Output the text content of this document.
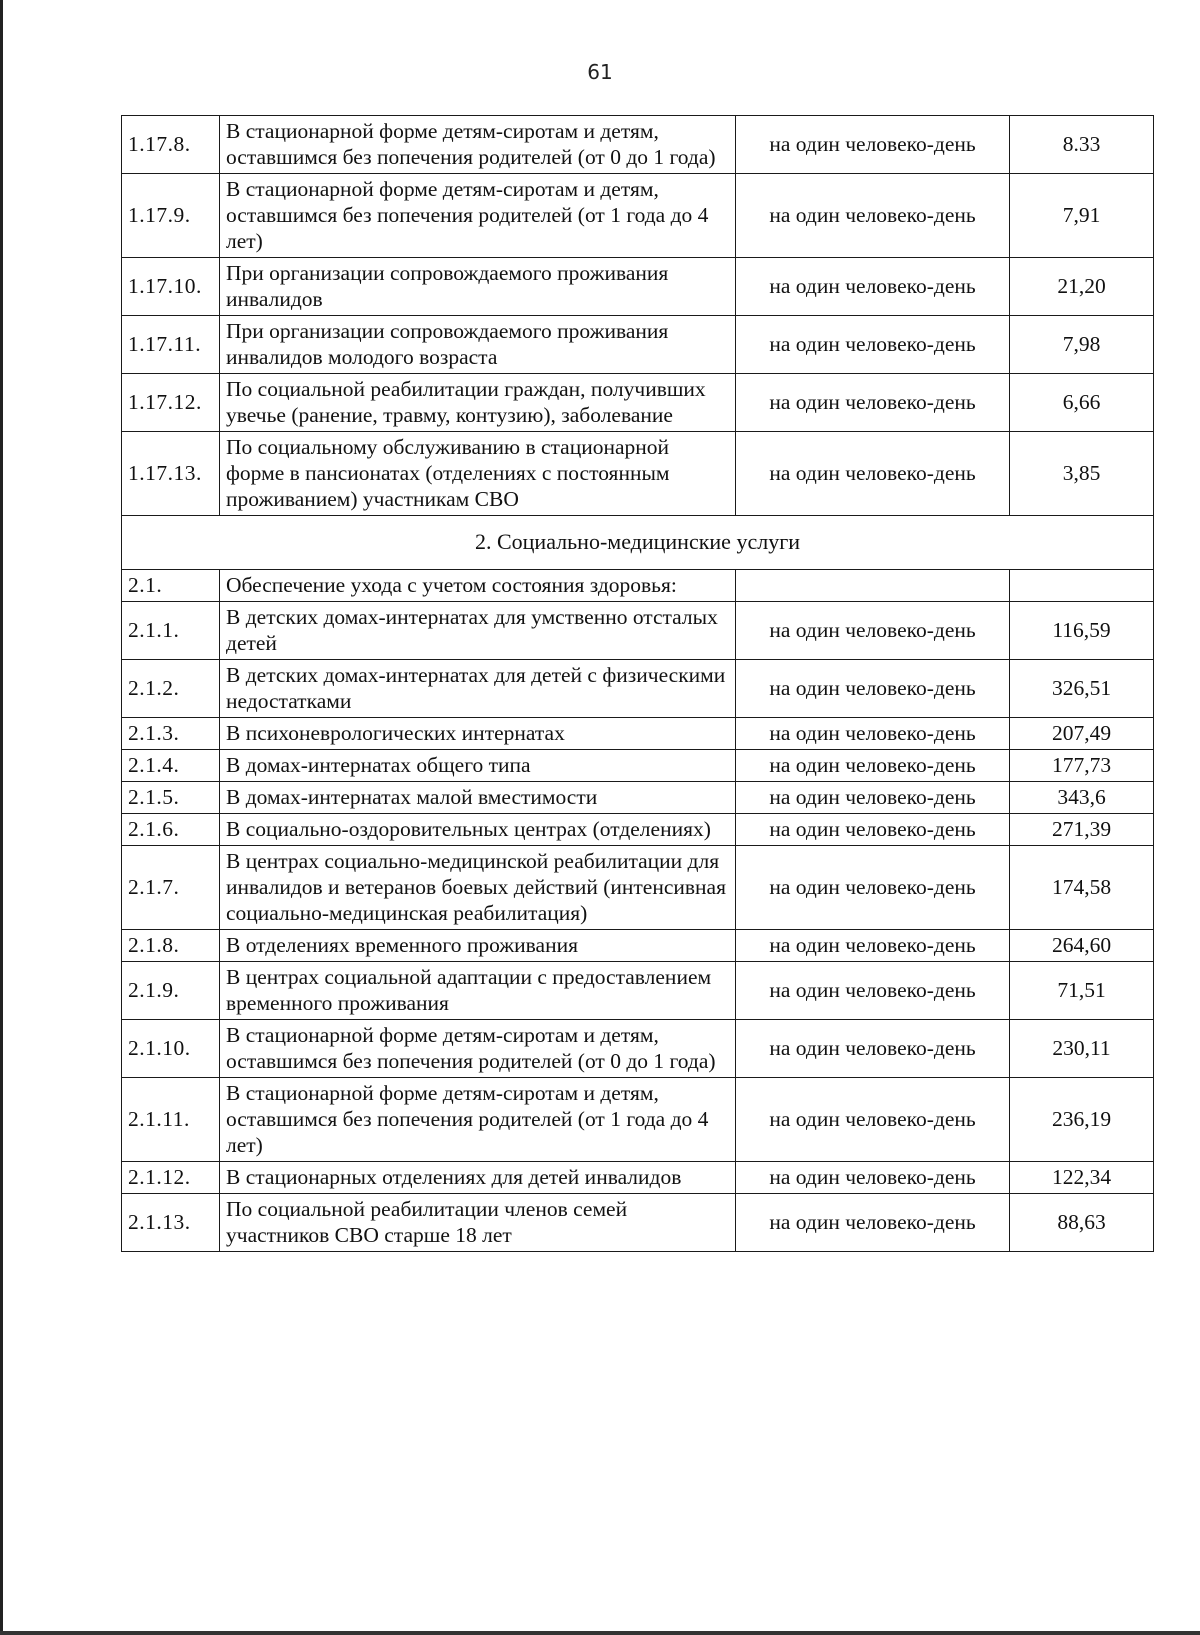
61
1.17.8.	В стационарной форме детям-сиротам и детям, оставшимся без попечения родителей (от 0 до 1 года)	на один человеко-день	8.33
1.17.9.	В стационарной форме детям-сиротам и детям, оставшимся без попечения родителей (от 1 года до 4 лет)	на один человеко-день	7,91
1.17.10.	При организации сопровождаемого проживания инвалидов	на один человеко-день	21,20
1.17.11.	При организации сопровождаемого проживания инвалидов молодого возраста	на один человеко-день	7,98
1.17.12.	По социальной реабилитации граждан, получивших увечье (ранение, травму, контузию), заболевание	на один человеко-день	6,66
1.17.13.	По социальному обслуживанию в стационарной форме в пансионатах (отделениях с постоянным проживанием) участникам СВО	на один человеко-день	3,85
2. Социально-медицинские услуги			
2.1.	Обеспечение ухода с учетом состояния здоровья:		
2.1.1.	В детских домах-интернатах для умственно отсталых детей	на один человеко-день	116,59
2.1.2.	В детских домах-интернатах для детей с физическими недостатками	на один человеко-день	326,51
2.1.3.	В психоневрологических интернатах	на один человеко-день	207,49
2.1.4.	В домах-интернатах общего типа	на один человеко-день	177,73
2.1.5.	В домах-интернатах малой вместимости	на один человеко-день	343,6
2.1.6.	В социально-оздоровительных центрах (отделениях)	на один человеко-день	271,39
2.1.7.	В центрах социально-медицинской реабилитации для инвалидов и ветеранов боевых действий (интенсивная социально-медицинская реабилитация)	на один человеко-день	174,58
2.1.8.	В отделениях временного проживания	на один человеко-день	264,60
2.1.9.	В центрах социальной адаптации с предоставлением временного проживания	на один человеко-день	71,51
2.1.10.	В стационарной форме детям-сиротам и детям, оставшимся без попечения родителей (от 0 до 1 года)	на один человеко-день	230,11
2.1.11.	В стационарной форме детям-сиротам и детям, оставшимся без попечения родителей (от 1 года до 4 лет)	на один человеко-день	236,19
2.1.12.	В стационарных отделениях для детей инвалидов	на один человеко-день	122,34
2.1.13.	По социальной реабилитации членов семей участников СВО старше 18 лет	на один человеко-день	88,63
